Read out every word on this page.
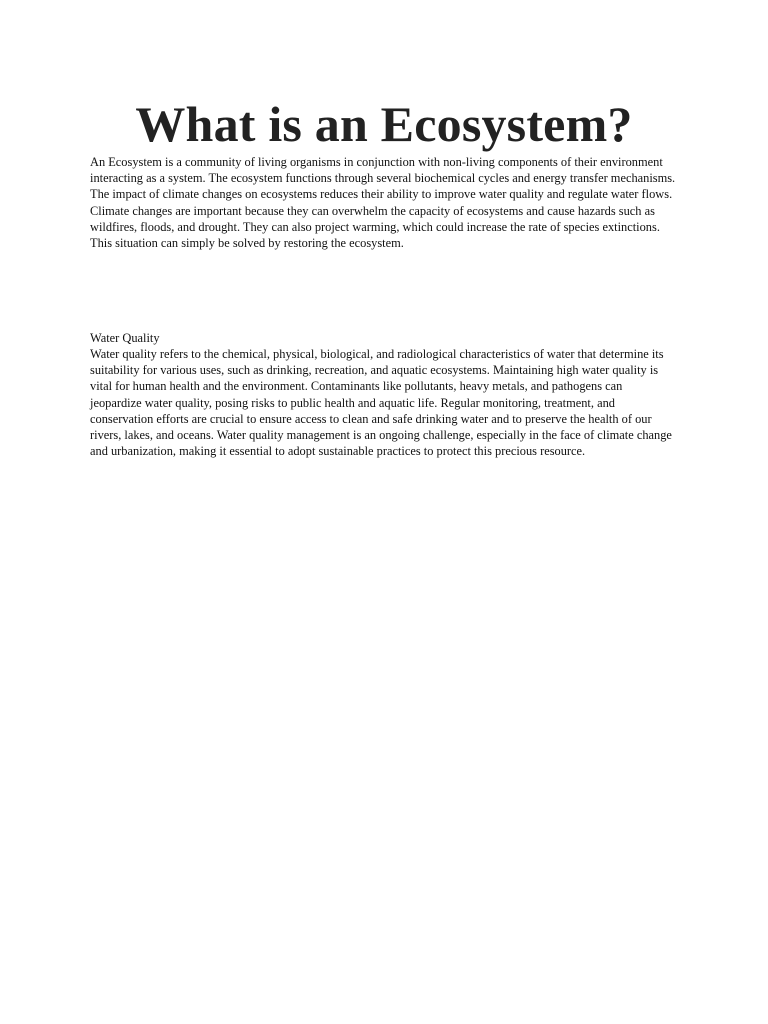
What is an Ecosystem?

An Ecosystem is a community of living organisms in conjunction with non-living components of their environment interacting as a system. The ecosystem functions through several biochemical cycles and energy transfer mechanisms. The impact of climate changes on ecosystems reduces their ability to improve water quality and regulate water flows. Climate changes are important because they can overwhelm the capacity of ecosystems and cause hazards such as wildfires, floods, and drought. They can also project warming, which could increase the rate of species extinctions. This situation can simply be solved by restoring the ecosystem.

Water Quality

Water quality refers to the chemical, physical, biological, and radiological characteristics of water that determine its suitability for various uses, such as drinking, recreation, and aquatic ecosystems. Maintaining high water quality is vital for human health and the environment. Contaminants like pollutants, heavy metals, and pathogens can jeopardize water quality, posing risks to public health and aquatic life. Regular monitoring, treatment, and conservation efforts are crucial to ensure access to clean and safe drinking water and to preserve the health of our rivers, lakes, and oceans. Water quality management is an ongoing challenge, especially in the face of climate change and urbanization, making it essential to adopt sustainable practices to protect this precious resource.
